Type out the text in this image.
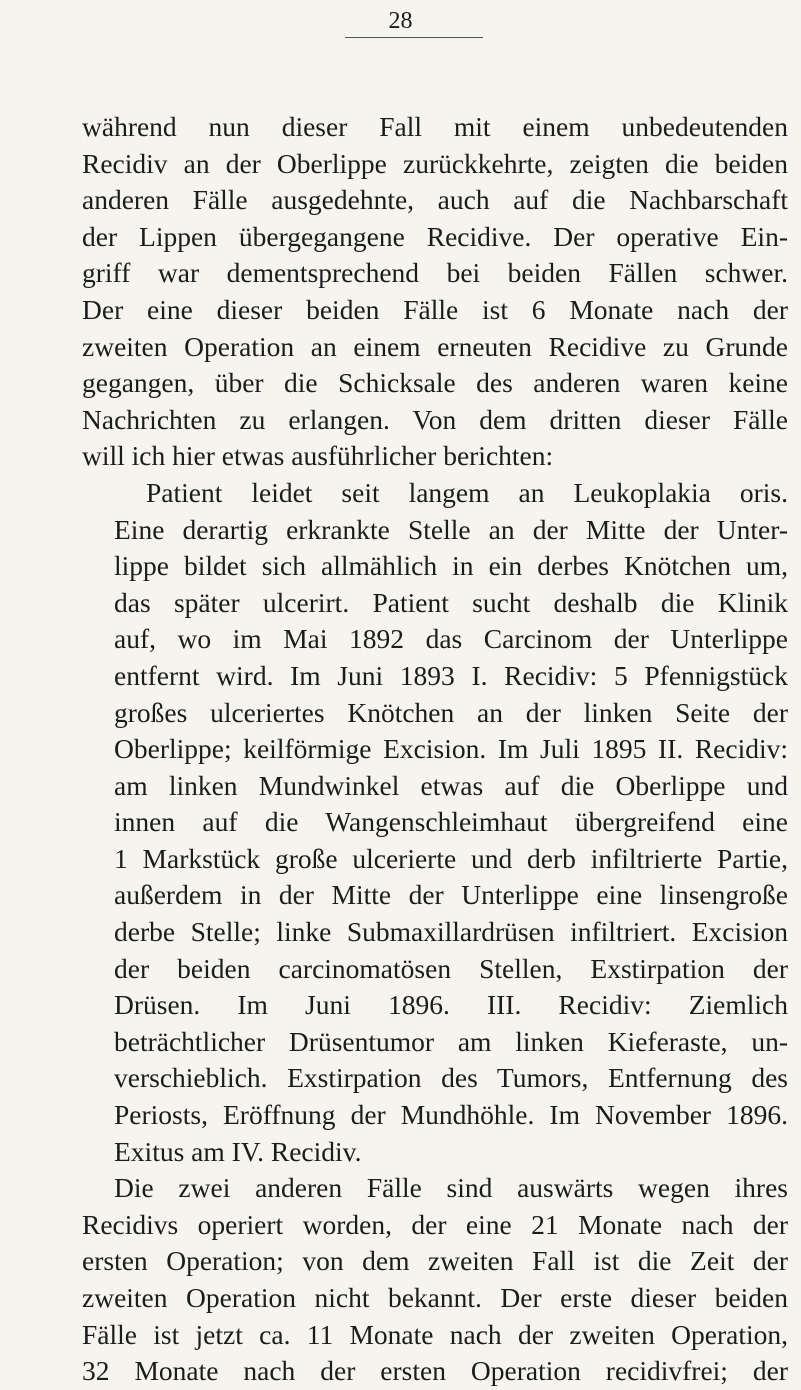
28
während nun dieser Fall mit einem unbedeutenden
Recidiv an der Oberlippe zurückkehrte, zeigten die beiden
anderen Fälle ausgedehnte, auch auf die Nachbarschaft
der Lippen übergegangene Recidive. Der operative Ein-
griff war dementsprechend bei beiden Fällen schwer.
Der eine dieser beiden Fälle ist 6 Monate nach der
zweiten Operation an einem erneuten Recidive zu Grunde
gegangen, über die Schicksale des anderen waren keine
Nachrichten zu erlangen. Von dem dritten dieser Fälle
will ich hier etwas ausführlicher berichten:
Patient leidet seit langem an Leukoplakia oris.
Eine derartig erkrankte Stelle an der Mitte der Unter-
lippe bildet sich allmählich in ein derbes Knötchen um,
das später ulcerirt. Patient sucht deshalb die Klinik
auf, wo im Mai 1892 das Carcinom der Unterlippe
entfernt wird. Im Juni 1893 I. Recidiv: 5 Pfennigstück
großes ulceriertes Knötchen an der linken Seite der
Oberlippe; keilförmige Excision. Im Juli 1895 II. Recidiv:
am linken Mundwinkel etwas auf die Oberlippe und
innen auf die Wangenschleimhaut übergreifend eine
1 Markstück große ulcerierte und derb infiltrierte Partie,
außerdem in der Mitte der Unterlippe eine linsengroße
derbe Stelle; linke Submaxillardrüsen infiltriert. Excision
der beiden carcinomatösen Stellen, Exstirpation der
Drüsen. Im Juni 1896. III. Recidiv: Ziemlich
beträchtlicher Drüsentumor am linken Kieferaste, un-
verschieblich. Exstirpation des Tumors, Entfernung des
Periosts, Eröffnung der Mundhöhle. Im November 1896.
Exitus am IV. Recidiv.
Die zwei anderen Fälle sind auswärts wegen ihres
Recidivs operiert worden, der eine 21 Monate nach der
ersten Operation; von dem zweiten Fall ist die Zeit der
zweiten Operation nicht bekannt. Der erste dieser beiden
Fälle ist jetzt ca. 11 Monate nach der zweiten Operation,
32 Monate nach der ersten Operation recidivfrei; der
